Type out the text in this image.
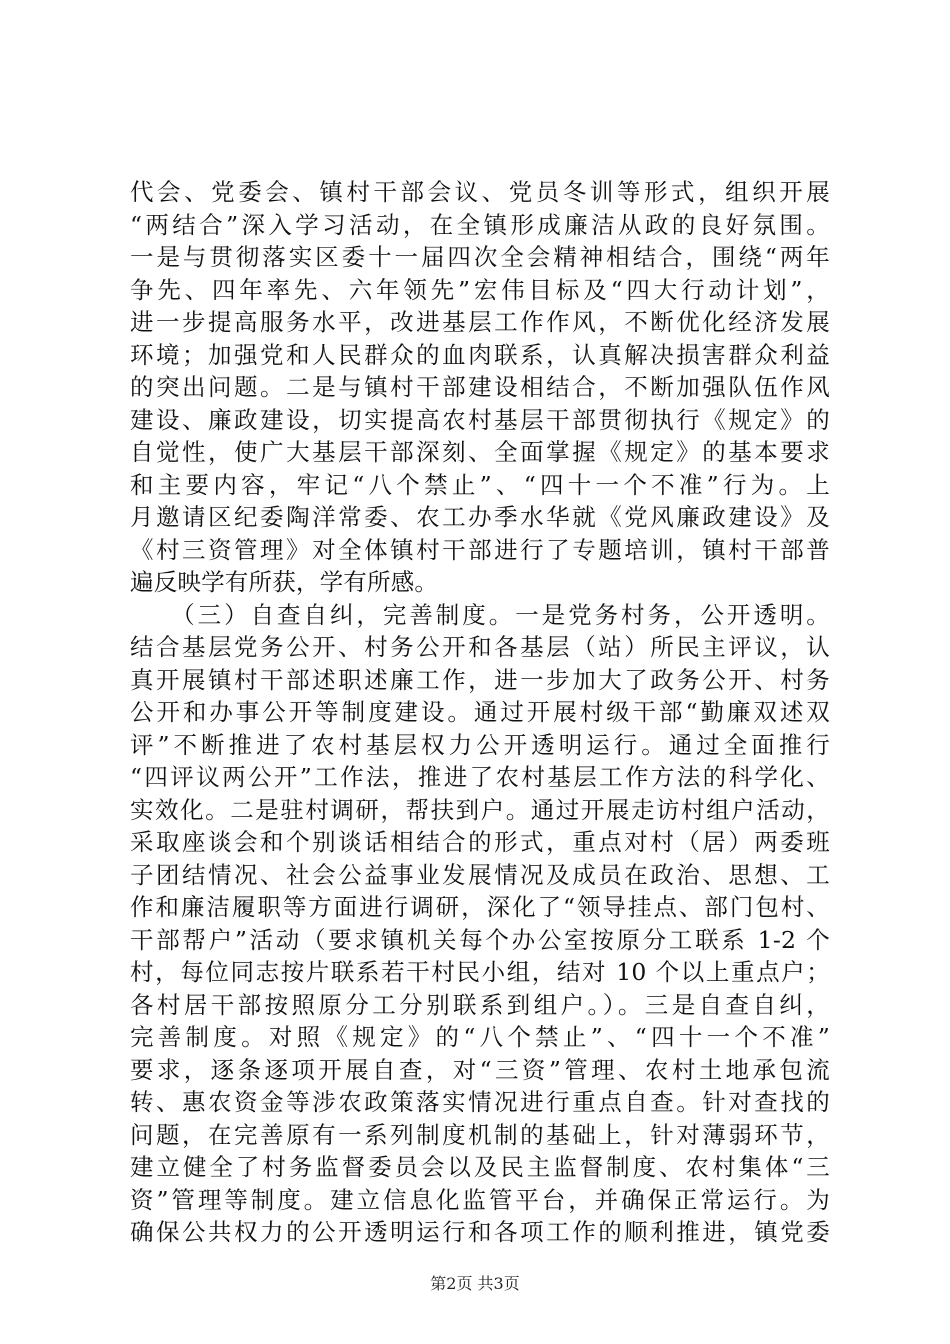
代会、党委会、镇村干部会议、党员冬训等形式，组织开展
“两结合”深入学习活动，在全镇形成廉洁从政的良好氛围。
一是与贯彻落实区委十一届四次全会精神相结合，围绕“两年
争先、四年率先、六年领先”宏伟目标及“四大行动计划”，
进一步提高服务水平，改进基层工作作风，不断优化经济发展
环境；加强党和人民群众的血肉联系，认真解决损害群众利益
的突出问题。二是与镇村干部建设相结合，不断加强队伍作风
建设、廉政建设，切实提高农村基层干部贯彻执行《规定》的
自觉性，使广大基层干部深刻、全面掌握《规定》的基本要求
和主要内容，牢记“八个禁止”、“四十一个不准”行为。上
月邀请区纪委陶洋常委、农工办季水华就《党风廉政建设》及
《村三资管理》对全体镇村干部进行了专题培训，镇村干部普
遍反映学有所获，学有所感。
　　（三）自查自纠，完善制度。一是党务村务，公开透明。
结合基层党务公开、村务公开和各基层（站）所民主评议，认
真开展镇村干部述职述廉工作，进一步加大了政务公开、村务
公开和办事公开等制度建设。通过开展村级干部“勤廉双述双
评”不断推进了农村基层权力公开透明运行。通过全面推行
“四评议两公开”工作法，推进了农村基层工作方法的科学化、
实效化。二是驻村调研，帮扶到户。通过开展走访村组户活动，
采取座谈会和个别谈话相结合的形式，重点对村（居）两委班
子团结情况、社会公益事业发展情况及成员在政治、思想、工
作和廉洁履职等方面进行调研，深化了“领导挂点、部门包村、
干部帮户”活动（要求镇机关每个办公室按原分工联系 1-2 个
村，每位同志按片联系若干村民小组，结对 10 个以上重点户；
各村居干部按照原分工分别联系到组户。）。三是自查自纠，
完善制度。对照《规定》的“八个禁止”、“四十一个不准”
要求，逐条逐项开展自查，对“三资”管理、农村土地承包流
转、惠农资金等涉农政策落实情况进行重点自查。针对查找的
问题，在完善原有一系列制度机制的基础上，针对薄弱环节，
建立健全了村务监督委员会以及民主监督制度、农村集体“三
资”管理等制度。建立信息化监管平台，并确保正常运行。为
确保公共权力的公开透明运行和各项工作的顺利推进，镇党委
第2页 共3页
